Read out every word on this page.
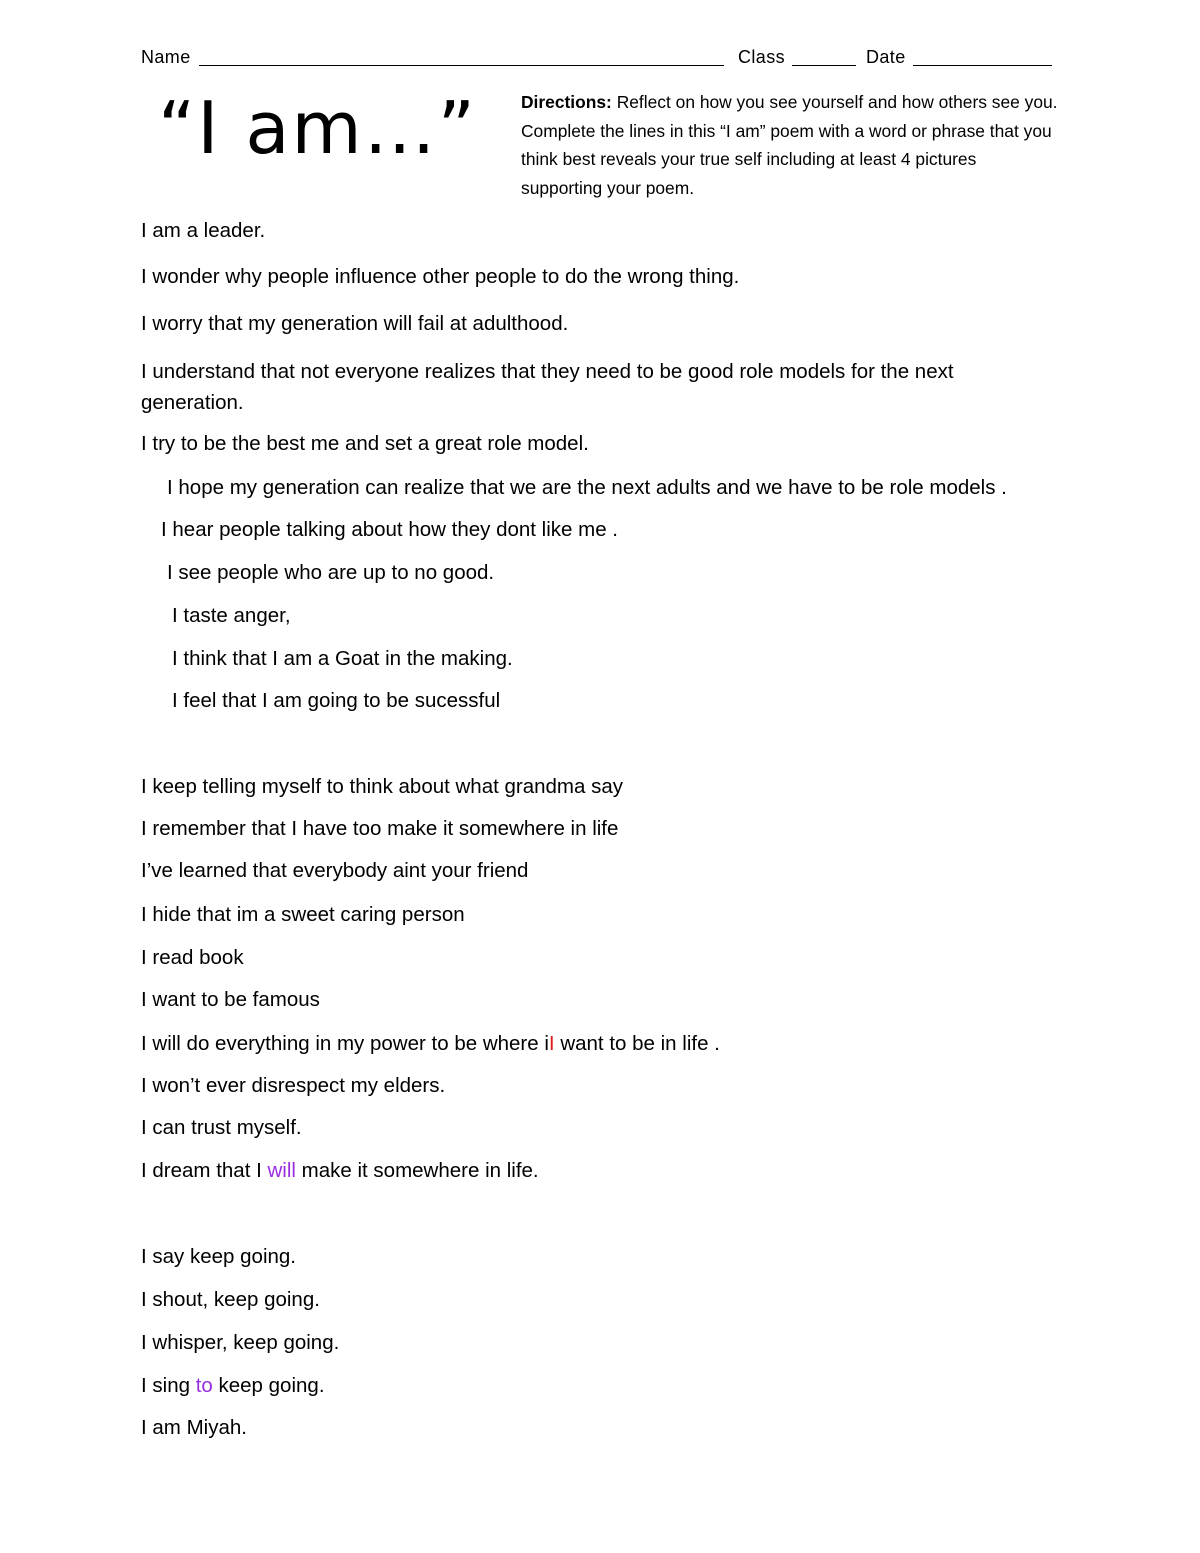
Name	Class	Date
“I am…”	Directions: Reflect on how you see yourself and how others see you. Complete the lines in this “I am” poem with a word or phrase that you think best reveals your true self including at least 4 pictures supporting your poem.
I am a leader.
I wonder why people influence other people to do the wrong thing.
I worry that my generation will fail at adulthood.
I understand that not everyone realizes that they need to be good role models for the next generation.
I try to be the best me and set a great role model.
I hope my generation can realize that we are the next adults and we have to be role models .
I hear people talking about how they dont like me .
I see people who are up to no good.
I taste anger,
I think that I am a Goat in the making.
I feel that I am going to be sucessful
I keep telling myself to think about what grandma say
I remember that I have too make it somewhere in life
I’ve learned that everybody aint your friend
I hide that im a sweet caring person
I read book
I want to be famous
I will do everything in my power to be where iI want to be in life .
I won’t ever disrespect my elders.
I can trust myself.
I dream that I will make it somewhere in life.
I say keep going.
I shout, keep going.
I whisper, keep going.
I sing to keep going.
I am Miyah.
